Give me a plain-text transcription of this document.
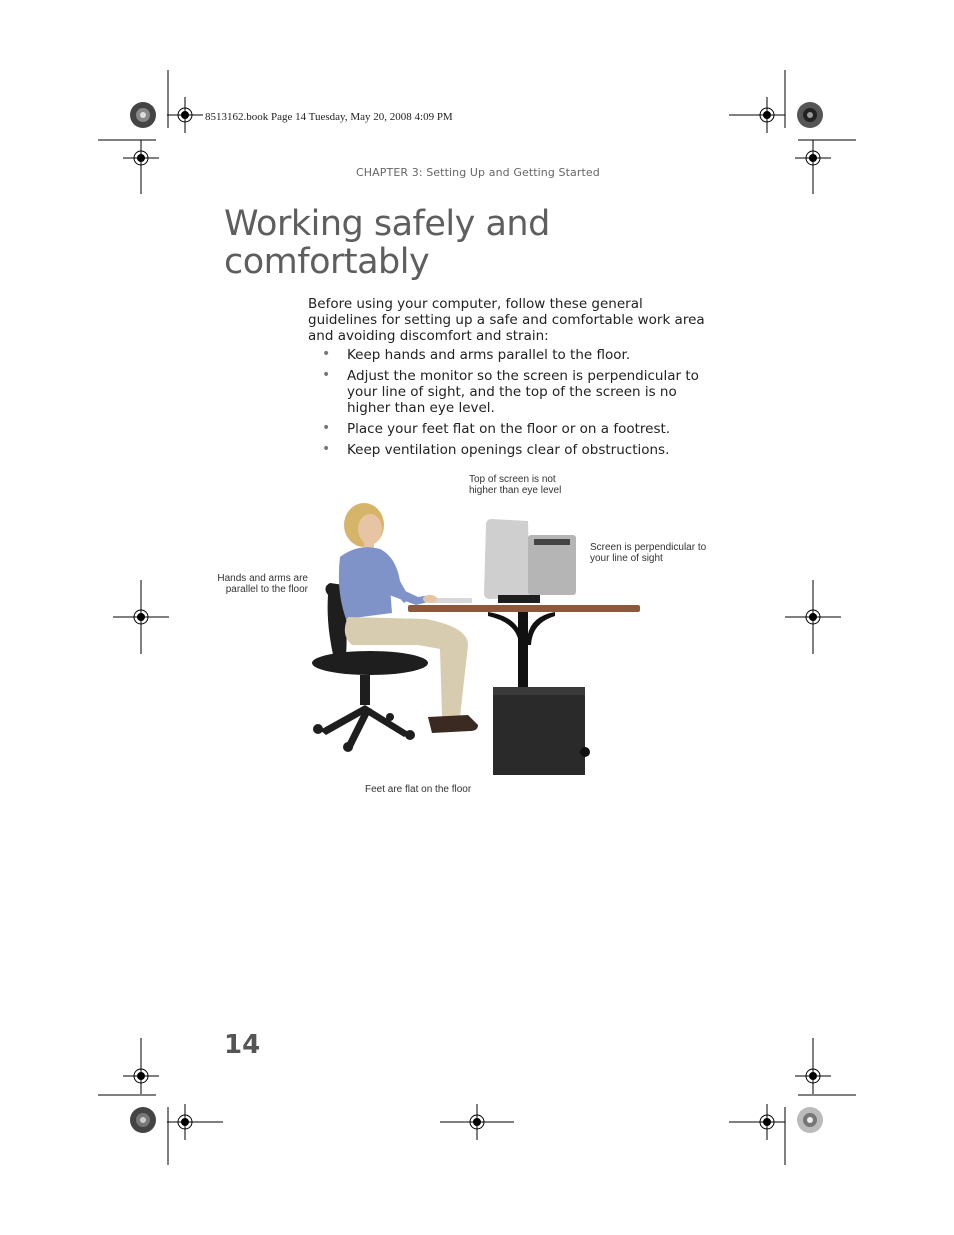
8513162.book Page 14 Tuesday, May 20, 2008 4:09 PM
CHAPTER 3: Setting Up and Getting Started
Working safely and
comfortably

Before using your computer, follow these general guidelines for setting up a safe and comfortable work area and avoiding discomfort and strain:

• Keep hands and arms parallel to the floor.
• Adjust the monitor so the screen is perpendicular to your line of sight, and the top of the screen is no higher than eye level.
• Place your feet flat on the floor or on a footrest.
• Keep ventilation openings clear of obstructions.
Top of screen is not
higher than eye level
Screen is perpendicular to
your line of sight
Hands and arms are
parallel to the floor
Feet are flat on the floor
14
